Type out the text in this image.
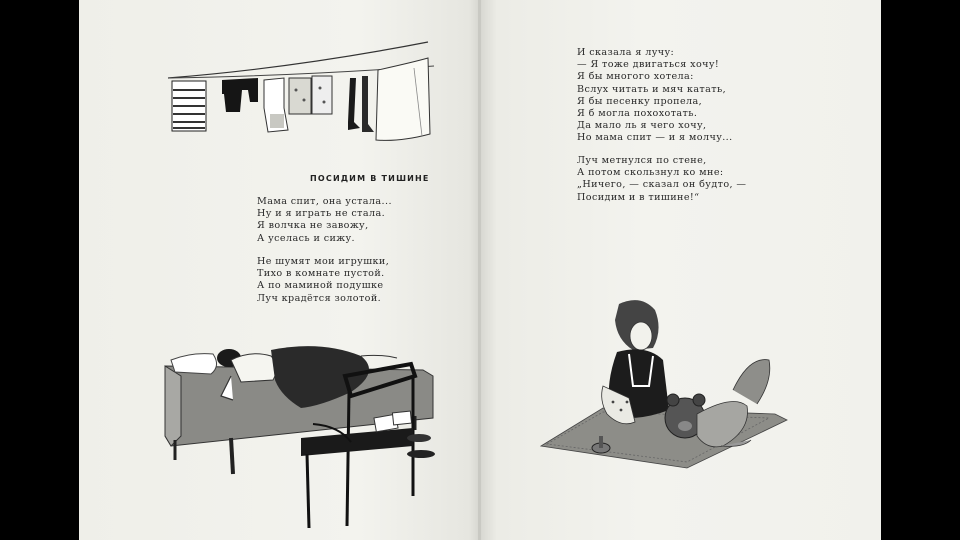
ПОСИДИМ В ТИШИНЕ
Мама спит, она устала...
Ну и я играть не стала.
Я волчка не завожу,
А уселась и сижу.
Не шумят мои игрушки,
Тихо в комнате пустой.
А по маминой подушке
Луч крадётся золотой.
И сказала я лучу:
— Я тоже двигаться хочу!
Я бы многого хотела:
Вслух читать и мяч катать,
Я бы песенку пропела,
Я б могла похохотать.
Да мало ль я чего хочу,
Но мама спит — и я молчу...
Луч метнулся по стене,
А потом скользнул ко мне:
„Ничего, — сказал он будто, —
Посидим и в тишине!“
